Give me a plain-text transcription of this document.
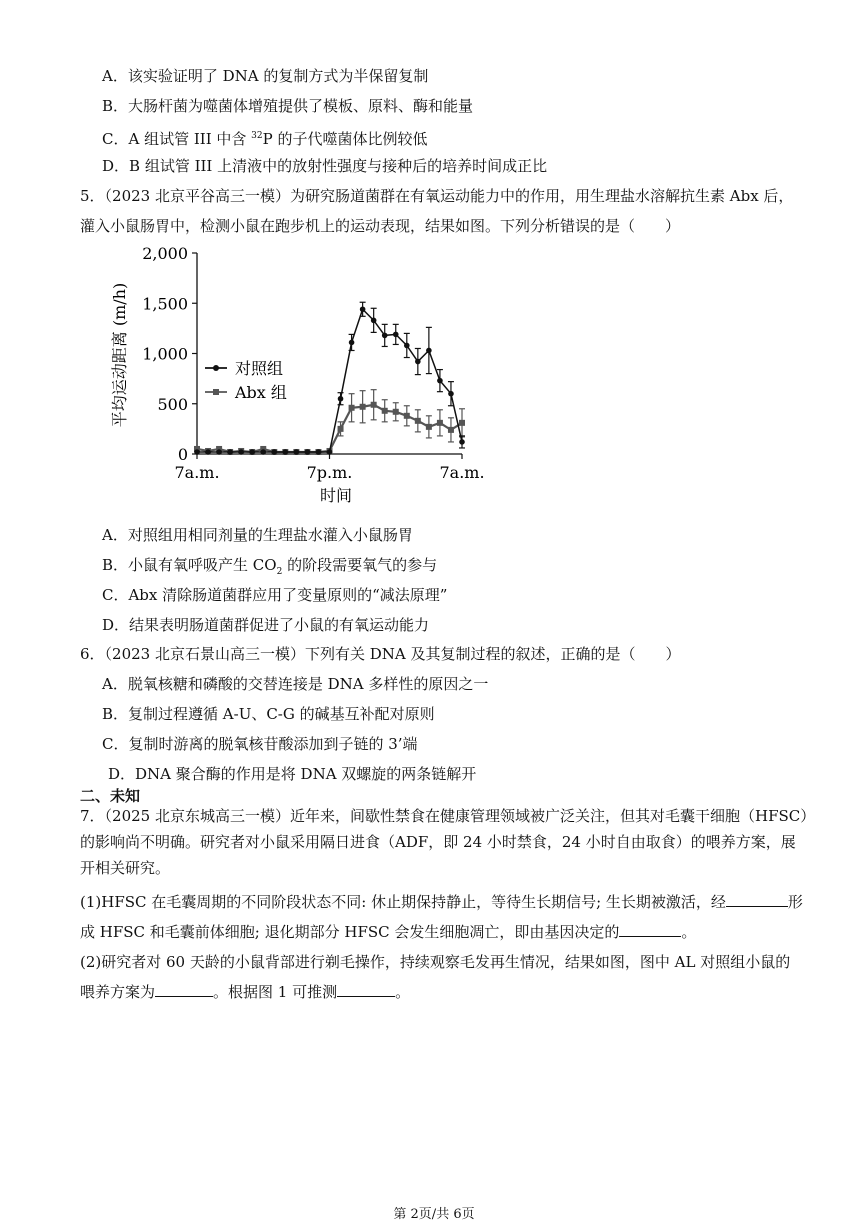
A．该实验证明了 DNA 的复制方式为半保留复制
B．大肠杆菌为噬菌体增殖提供了模板、原料、酶和能量
C．A 组试管 III 中含 $^{32}$P 的子代噬菌体比例较低
D．B 组试管 III 上清液中的放射性强度与接种后的培养时间成正比
5．（2023 北京平谷高三一模）为研究肠道菌群在有氧运动能力中的作用，用生理盐水溶解抗生素 Abx 后，
灌入小鼠肠胃中，检测小鼠在跑步机上的运动表现，结果如图。下列分析错误的是（　　）
2,000
1,500
1,000
500
0
7a.m.	7p.m.	7a.m.
对照组
Abx 组
平均运动距离 (m/h)
时间
A．对照组用相同剂量的生理盐水灌入小鼠肠胃
B．小鼠有氧呼吸产生 $CO_2$ 的阶段需要氧气的参与
C．Abx 清除肠道菌群应用了变量原则的“减法原理”
D．结果表明肠道菌群促进了小鼠的有氧运动能力
6．（2023 北京石景山高三一模）下列有关 DNA 及其复制过程的叙述，正确的是（　　）
A．脱氧核糖和磷酸的交替连接是 DNA 多样性的原因之一
B．复制过程遵循 A-U、C-G 的碱基互补配对原则
C．复制时游离的脱氧核苷酸添加到子链的 3’端
D．DNA 聚合酶的作用是将 DNA 双螺旋的两条链解开
二、未知
7．（2025 北京东城高三一模）近年来，间歇性禁食在健康管理领域被广泛关注，但其对毛囊干细胞（HFSC）
的影响尚不明确。研究者对小鼠采用隔日进食（ADF，即 24 小时禁食，24 小时自由取食）的喂养方案，展
开相关研究。
(1)HFSC 在毛囊周期的不同阶段状态不同: 休止期保持静止，等待生长期信号; 生长期被激活，经	形
成 HFSC 和毛囊前体细胞; 退化期部分 HFSC 会发生细胞凋亡，即由基因决定的	。
(2)研究者对 60 天龄的小鼠背部进行剃毛操作，持续观察毛发再生情况，结果如图，图中 AL 对照组小鼠的
喂养方案为	。根据图 1 可推测	。
第 2页/共 6页
